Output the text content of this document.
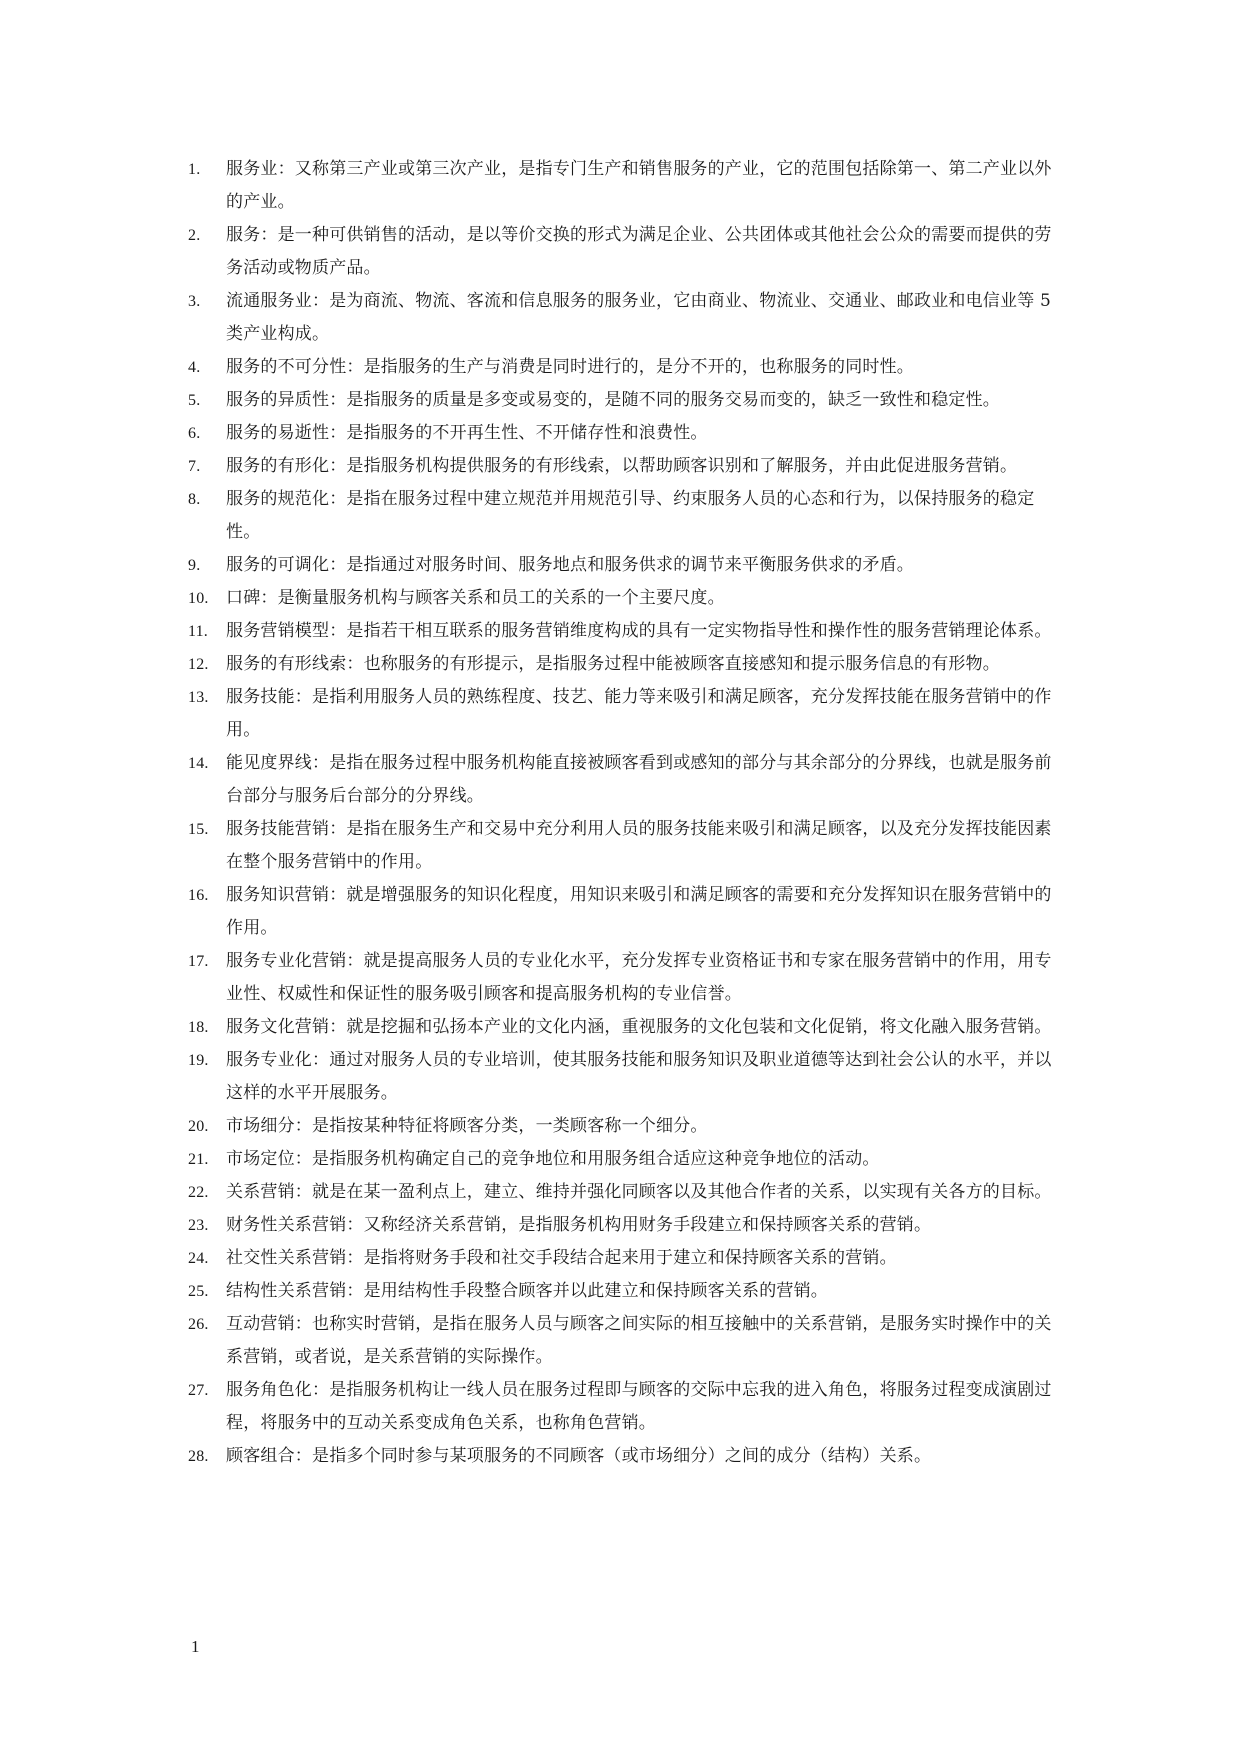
1.	服务业：又称第三产业或第三次产业，是指专门生产和销售服务的产业，它的范围包括除第一、第二产业以外的产业。
2.	服务：是一种可供销售的活动，是以等价交换的形式为满足企业、公共团体或其他社会公众的需要而提供的劳务活动或物质产品。
3.	流通服务业：是为商流、物流、客流和信息服务的服务业，它由商业、物流业、交通业、邮政业和电信业等 5 类产业构成。
4.	服务的不可分性：是指服务的生产与消费是同时进行的，是分不开的，也称服务的同时性。
5.	服务的异质性：是指服务的质量是多变或易变的，是随不同的服务交易而变的，缺乏一致性和稳定性。
6.	服务的易逝性：是指服务的不开再生性、不开储存性和浪费性。
7.	服务的有形化：是指服务机构提供服务的有形线索，以帮助顾客识别和了解服务，并由此促进服务营销。
8.	服务的规范化：是指在服务过程中建立规范并用规范引导、约束服务人员的心态和行为，以保持服务的稳定性。
9.	服务的可调化：是指通过对服务时间、服务地点和服务供求的调节来平衡服务供求的矛盾。
10.	口碑：是衡量服务机构与顾客关系和员工的关系的一个主要尺度。
11.	服务营销模型：是指若干相互联系的服务营销维度构成的具有一定实物指导性和操作性的服务营销理论体系。
12.	服务的有形线索：也称服务的有形提示，是指服务过程中能被顾客直接感知和提示服务信息的有形物。
13.	服务技能：是指利用服务人员的熟练程度、技艺、能力等来吸引和满足顾客，充分发挥技能在服务营销中的作用。
14.	能见度界线：是指在服务过程中服务机构能直接被顾客看到或感知的部分与其余部分的分界线，也就是服务前台部分与服务后台部分的分界线。
15.	服务技能营销：是指在服务生产和交易中充分利用人员的服务技能来吸引和满足顾客，以及充分发挥技能因素在整个服务营销中的作用。
16.	服务知识营销：就是增强服务的知识化程度，用知识来吸引和满足顾客的需要和充分发挥知识在服务营销中的作用。
17.	服务专业化营销：就是提高服务人员的专业化水平，充分发挥专业资格证书和专家在服务营销中的作用，用专业性、权威性和保证性的服务吸引顾客和提高服务机构的专业信誉。
18.	服务文化营销：就是挖掘和弘扬本产业的文化内涵，重视服务的文化包装和文化促销，将文化融入服务营销。
19.	服务专业化：通过对服务人员的专业培训，使其服务技能和服务知识及职业道德等达到社会公认的水平，并以这样的水平开展服务。
20.	市场细分：是指按某种特征将顾客分类，一类顾客称一个细分。
21.	市场定位：是指服务机构确定自己的竞争地位和用服务组合适应这种竞争地位的活动。
22.	关系营销：就是在某一盈利点上，建立、维持并强化同顾客以及其他合作者的关系，以实现有关各方的目标。
23.	财务性关系营销：又称经济关系营销，是指服务机构用财务手段建立和保持顾客关系的营销。
24.	社交性关系营销：是指将财务手段和社交手段结合起来用于建立和保持顾客关系的营销。
25.	结构性关系营销：是用结构性手段整合顾客并以此建立和保持顾客关系的营销。
26.	互动营销：也称实时营销，是指在服务人员与顾客之间实际的相互接触中的关系营销，是服务实时操作中的关系营销，或者说，是关系营销的实际操作。
27.	服务角色化：是指服务机构让一线人员在服务过程即与顾客的交际中忘我的进入角色，将服务过程变成演剧过程，将服务中的互动关系变成角色关系，也称角色营销。
28.	顾客组合：是指多个同时参与某项服务的不同顾客（或市场细分）之间的成分（结构）关系。
1
